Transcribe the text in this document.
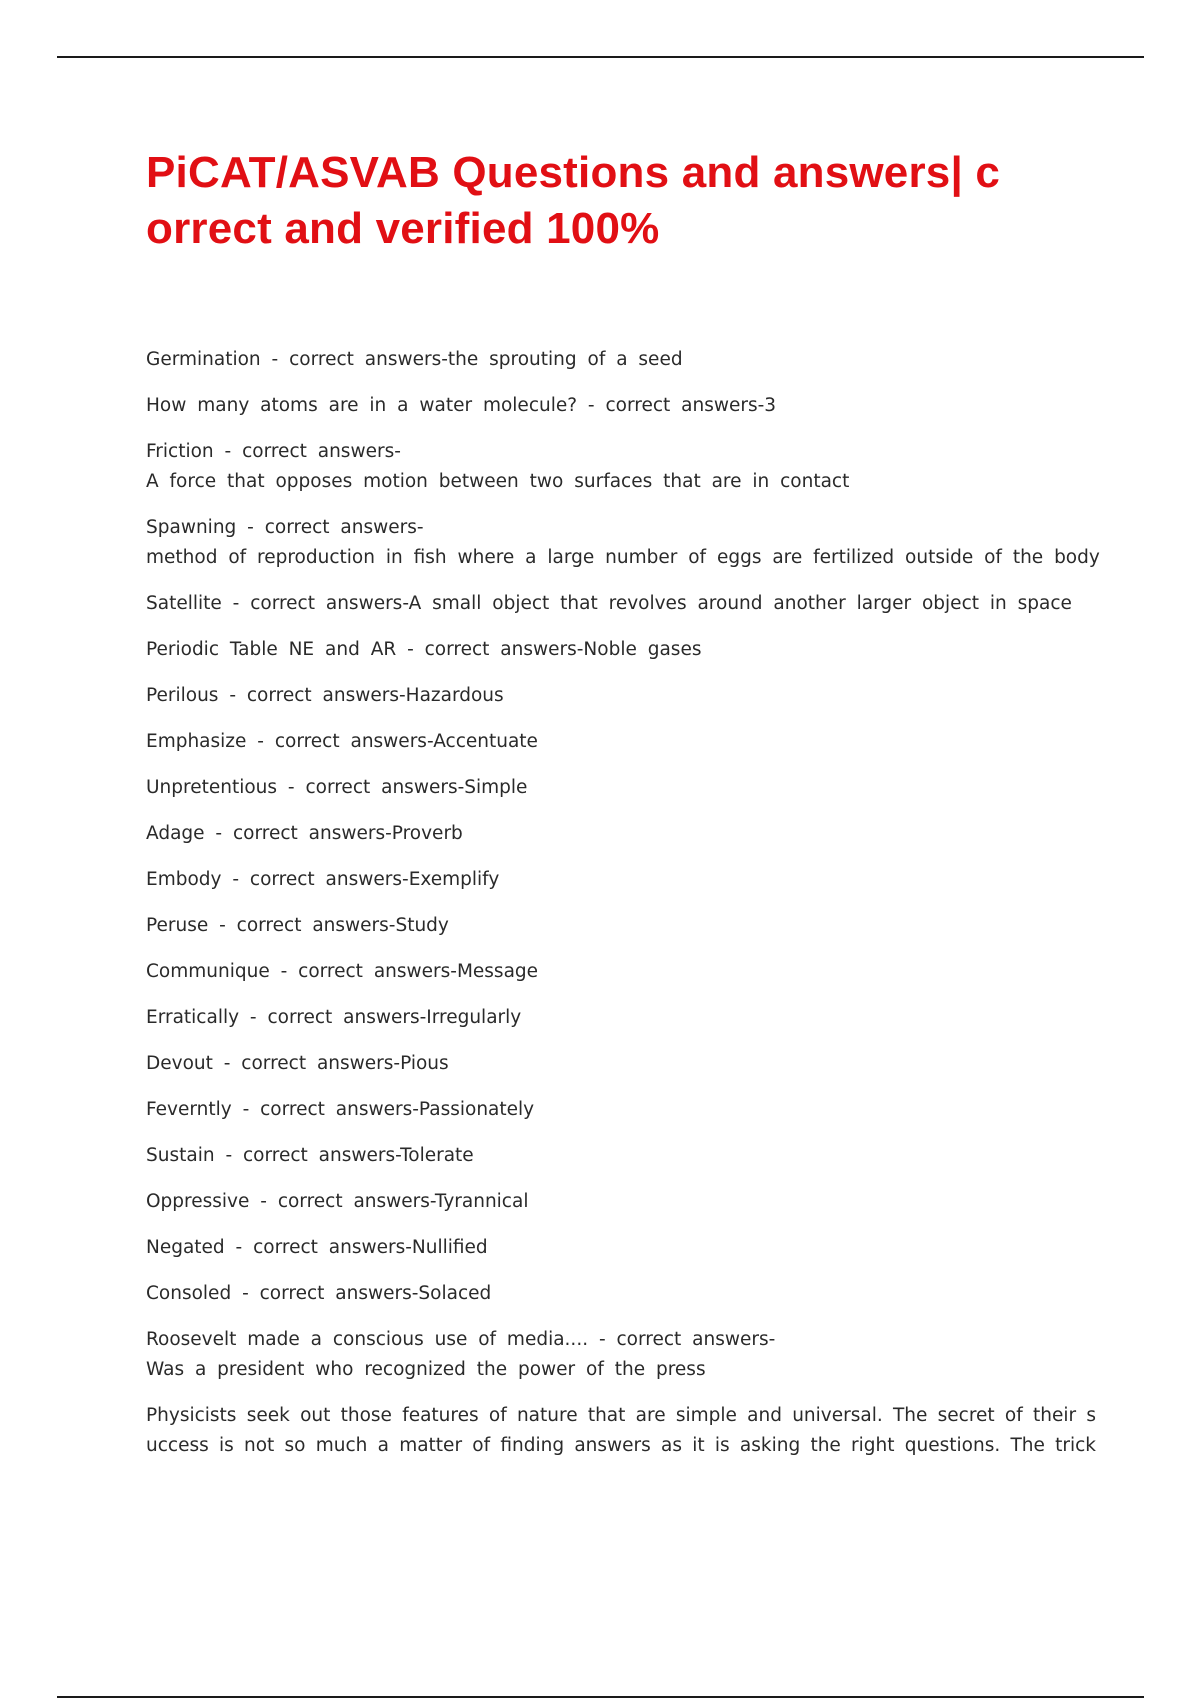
PiCAT/ASVAB Questions and answers| c
orrect and verified 100%
Germination - correct answers-the sprouting of a seed
How many atoms are in a water molecule? - correct answers-3
Friction - correct answers-
A force that opposes motion between two surfaces that are in contact
Spawning - correct answers-
method of reproduction in fish where a large number of eggs are fertilized outside of the body
Satellite - correct answers-A small object that revolves around another larger object in space
Periodic Table NE and AR - correct answers-Noble gases
Perilous - correct answers-Hazardous
Emphasize - correct answers-Accentuate
Unpretentious - correct answers-Simple
Adage - correct answers-Proverb
Embody - correct answers-Exemplify
Peruse - correct answers-Study
Communique - correct answers-Message
Erratically - correct answers-Irregularly
Devout - correct answers-Pious
Feverntly - correct answers-Passionately
Sustain - correct answers-Tolerate
Oppressive - correct answers-Tyrannical
Negated - correct answers-Nullified
Consoled - correct answers-Solaced
Roosevelt made a conscious use of media.... - correct answers-
Was a president who recognized the power of the press
Physicists seek out those features of nature that are simple and universal. The secret of their s
uccess is not so much a matter of finding answers as it is asking the right questions. The trick
